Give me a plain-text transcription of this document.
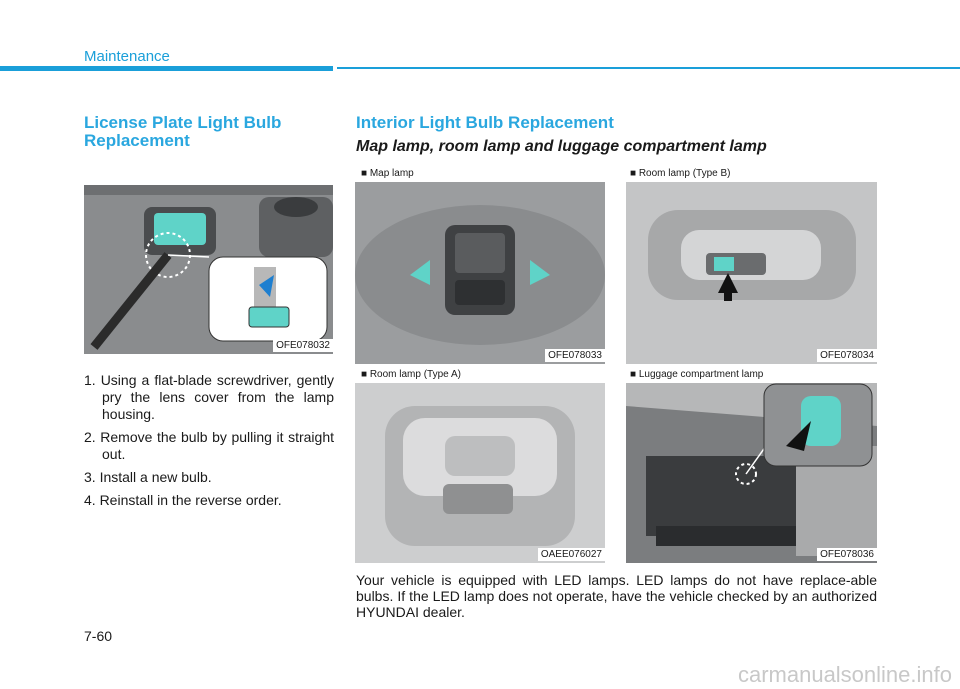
Maintenance
License Plate Light Bulb
Replacement
OFE078032
1. Using a flat-blade screwdriver, gently pry the lens cover from the lamp housing.
2. Remove the bulb by pulling it straight out.
3. Install a new bulb.
4. Reinstall in the reverse order.
Interior Light Bulb Replacement
Map lamp, room lamp and luggage compartment lamp
■ Map lamp
OFE078033
■ Room lamp (Type B)
OFE078034
■ Room lamp (Type A)
OAEE076027
■ Luggage compartment lamp
OFE078036
Your vehicle is equipped with LED lamps. LED lamps do not have replace-able bulbs. If the LED lamp does not operate, have the vehicle checked by an authorized HYUNDAI dealer.
7-60
carmanualsonline.info
